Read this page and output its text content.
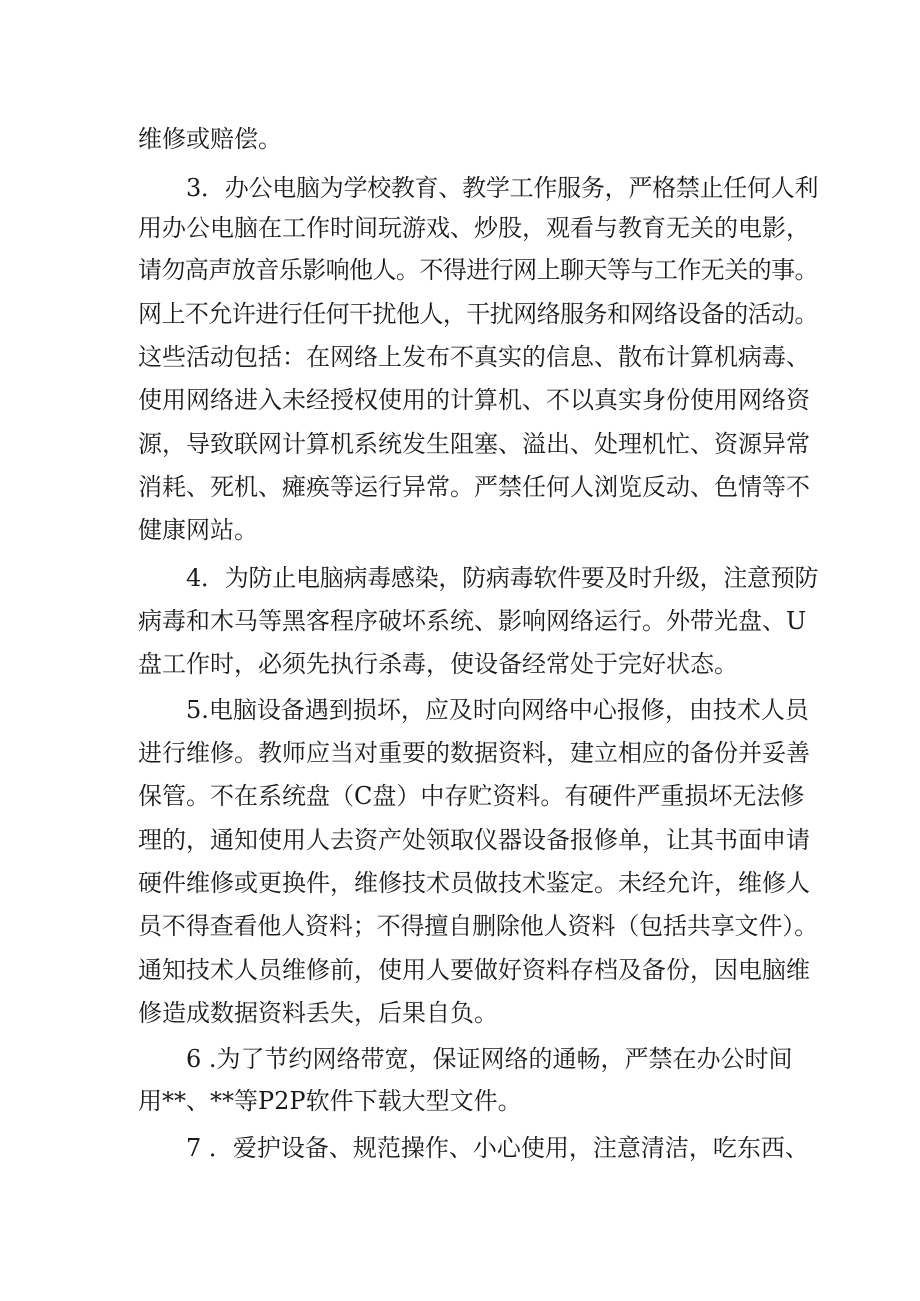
维修或赔偿。
3．办公电脑为学校教育、教学工作服务，严格禁止任何人利
用办公电脑在工作时间玩游戏、炒股，观看与教育无关的电影，
请勿高声放音乐影响他人。不得进行网上聊天等与工作无关的事。
网上不允许进行任何干扰他人，干扰网络服务和网络设备的活动。
这些活动包括：在网络上发布不真实的信息、散布计算机病毒、
使用网络进入未经授权使用的计算机、不以真实身份使用网络资
源，导致联网计算机系统发生阻塞、溢出、处理机忙、资源异常
消耗、死机、瘫痪等运行异常。严禁任何人浏览反动、色情等不
健康网站。
4．为防止电脑病毒感染，防病毒软件要及时升级，注意预防
病毒和木马等黑客程序破坏系统、影响网络运行。外带光盘、U
盘工作时，必须先执行杀毒，使设备经常处于完好状态。
5.电脑设备遇到损坏，应及时向网络中心报修，由技术人员
进行维修。教师应当对重要的数据资料，建立相应的备份并妥善
保管。不在系统盘（C盘）中存贮资料。有硬件严重损坏无法修
理的，通知使用人去资产处领取仪器设备报修单，让其书面申请
硬件维修或更换件，维修技术员做技术鉴定。未经允许，维修人
员不得查看他人资料；不得擅自删除他人资料（包括共享文件）。
通知技术人员维修前，使用人要做好资料存档及备份，因电脑维
修造成数据资料丢失，后果自负。
6 .为了节约网络带宽，保证网络的通畅，严禁在办公时间
用**、**等P2P软件下载大型文件。
7 ．爱护设备、规范操作、小心使用，注意清洁，吃东西、
